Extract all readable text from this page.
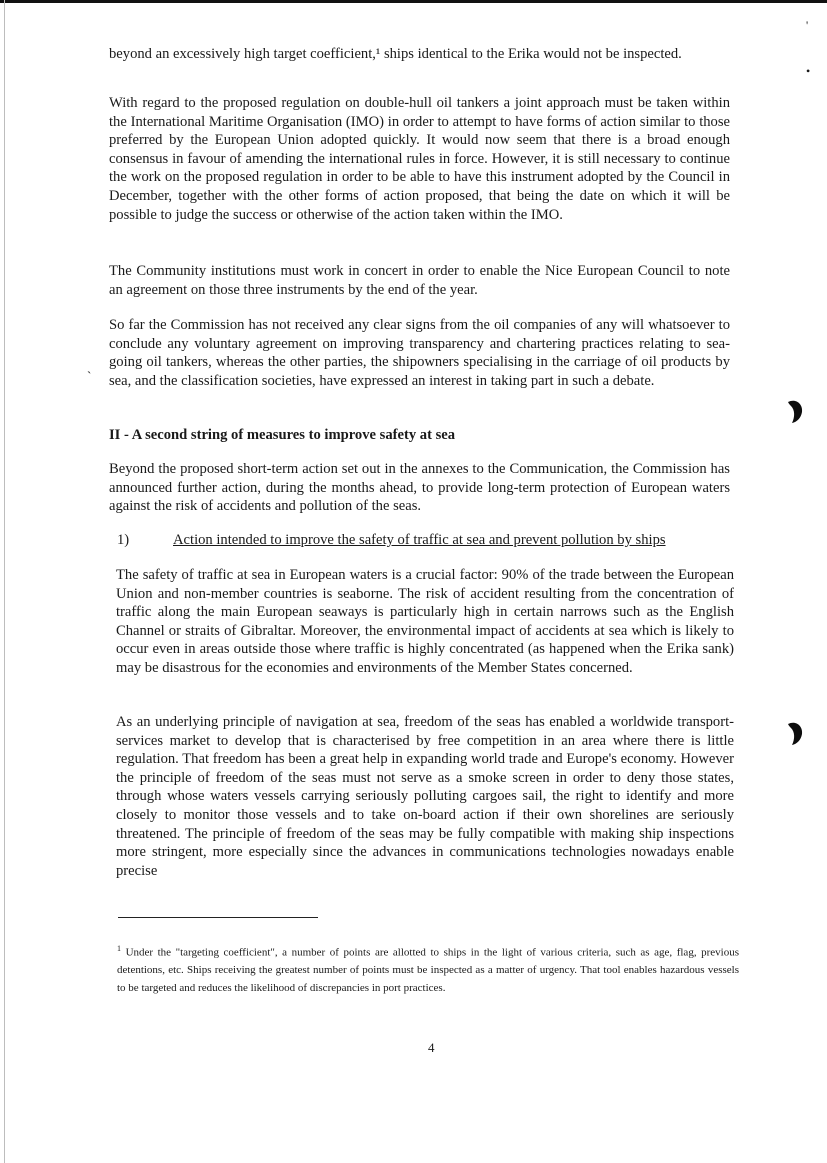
'
•
ˏ

beyond an excessively high target coefficient,¹ ships identical to the Erika would not be inspected.

With regard to the proposed regulation on double-hull oil tankers a joint approach must be taken within the International Maritime Organisation (IMO) in order to attempt to have forms of action similar to those preferred by the European Union adopted quickly. It would now seem that there is a broad enough consensus in favour of amending the international rules in force. However, it is still necessary to continue the work on the proposed regulation in order to be able to have this instrument adopted by the Council in December, together with the other forms of action proposed, that being the date on which it will be possible to judge the success or otherwise of the action taken within the IMO.

The Community institutions must work in concert in order to enable the Nice European Council to note an agreement on those three instruments by the end of the year.

So far the Commission has not received any clear signs from the oil companies of any will whatsoever to conclude any voluntary agreement on improving transparency and chartering practices relating to sea-going oil tankers, whereas the other parties, the shipowners specialising in the carriage of oil products by sea, and the classification societies, have expressed an interest in taking part in such a debate.

II - A second string of measures to improve safety at sea

Beyond the proposed short-term action set out in the annexes to the Communication, the Commission has announced further action, during the months ahead, to provide long-term protection of European waters against the risk of accidents and pollution of the seas.

1)	Action intended to improve the safety of traffic at sea and prevent pollution by ships

The safety of traffic at sea in European waters is a crucial factor: 90% of the trade between the European Union and non-member countries is seaborne. The risk of accident resulting from the concentration of traffic along the main European seaways is particularly high in certain narrows such as the English Channel or straits of Gibraltar. Moreover, the environmental impact of accidents at sea which is likely to occur even in areas outside those where traffic is highly concentrated (as happened when the Erika sank) may be disastrous for the economies and environments of the Member States concerned.

As an underlying principle of navigation at sea, freedom of the seas has enabled a worldwide transport-services market to develop that is characterised by free competition in an area where there is little regulation. That freedom has been a great help in expanding world trade and Europe's economy. However the principle of freedom of the seas must not serve as a smoke screen in order to deny those states, through whose waters vessels carrying seriously polluting cargoes sail, the right to identify and more closely to monitor those vessels and to take on-board action if their own shorelines are seriously threatened. The principle of freedom of the seas may be fully compatible with making ship inspections more stringent, more especially since the advances in communications technologies nowadays enable precise

$^1$ Under the "targeting coefficient", a number of points are allotted to ships in the light of various criteria, such as age, flag, previous detentions, etc. Ships receiving the greatest number of points must be inspected as a matter of urgency. That tool enables hazardous vessels to be targeted and reduces the likelihood of discrepancies in port practices.

4
